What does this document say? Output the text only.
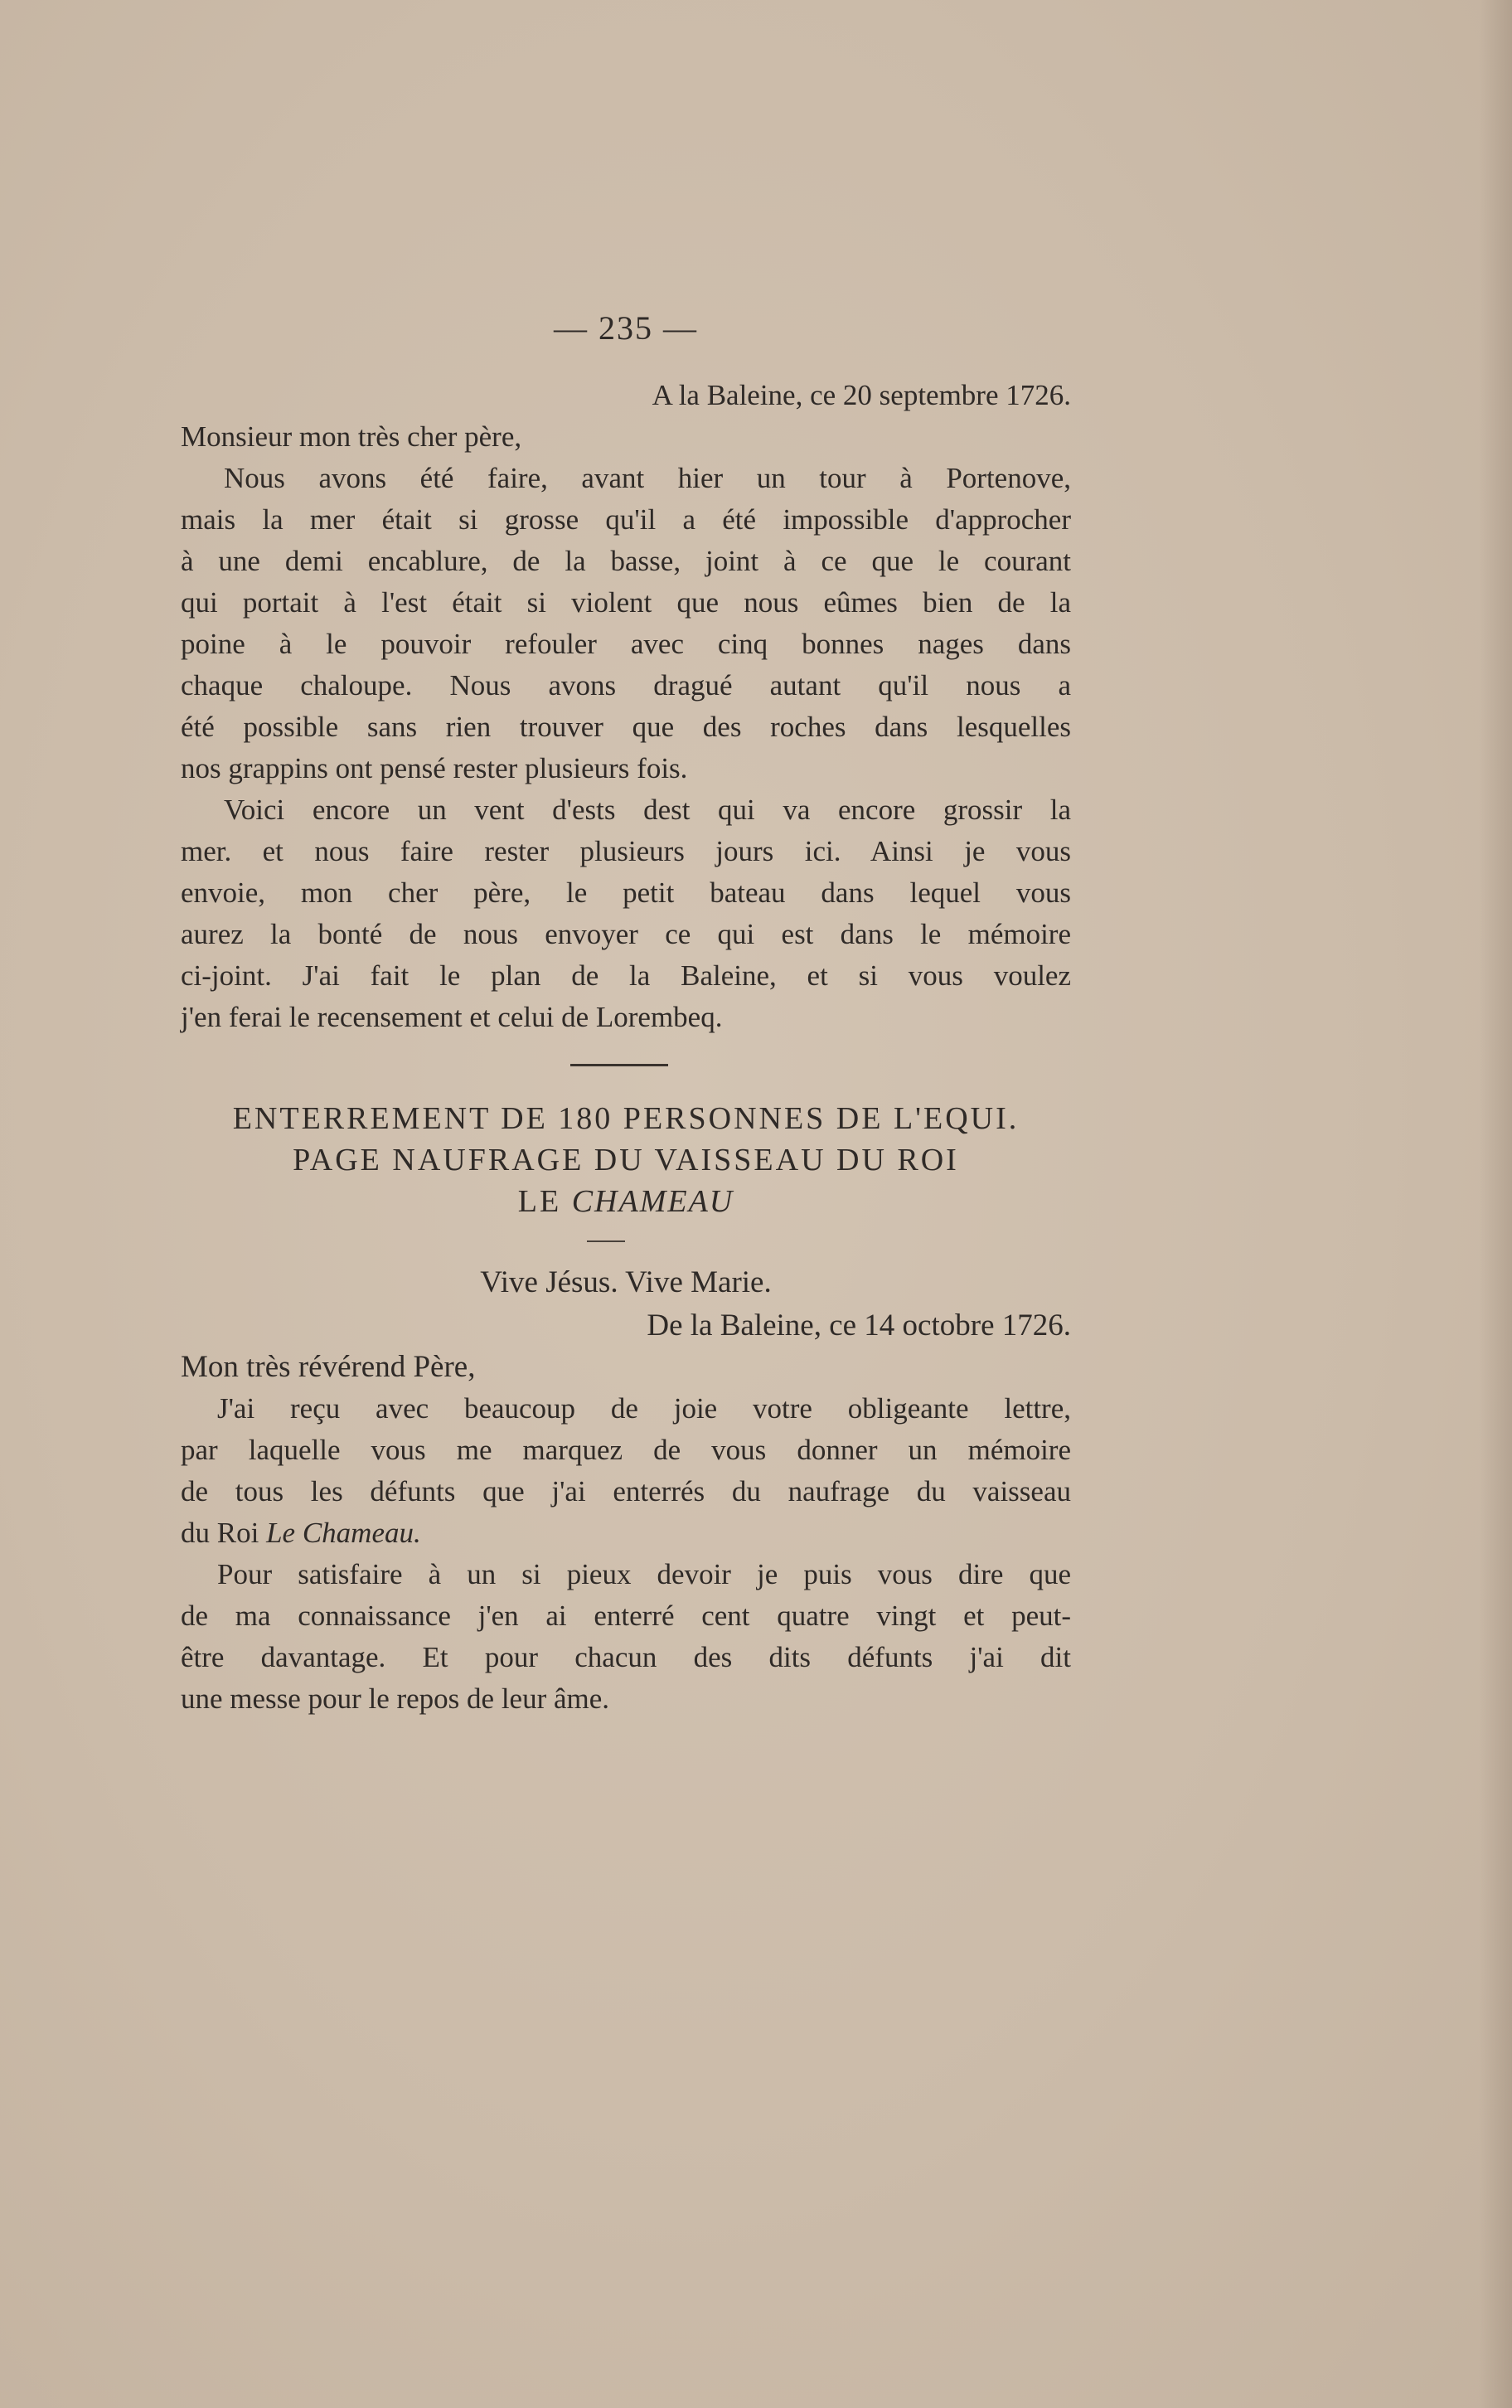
— 235 —
A la Baleine, ce 20 septembre 1726.
Monsieur mon très cher père,
Nous avons été faire, avant hier un tour à Portenove,
mais la mer était si grosse qu'il a été impossible d'approcher
à une demi encablure, de la basse, joint à ce que le courant
qui portait à l'est était si violent que nous eûmes bien de la
poine à le pouvoir refouler avec cinq bonnes nages dans
chaque chaloupe. Nous avons dragué autant qu'il nous a
été possible sans rien trouver que des roches dans lesquelles
nos grappins ont pensé rester plusieurs fois.
Voici encore un vent d'ests dest qui va encore grossir la
mer. et nous faire rester plusieurs jours ici. Ainsi je vous
envoie, mon cher père, le petit bateau dans lequel vous
aurez la bonté de nous envoyer ce qui est dans le mémoire
ci-joint. J'ai fait le plan de la Baleine, et si vous voulez
j'en ferai le recensement et celui de Lorembeq.
ENTERREMENT DE 180 PERSONNES DE L'EQUI.
PAGE NAUFRAGE DU VAISSEAU DU ROI
LE CHAMEAU
Vive Jésus. Vive Marie.
De la Baleine, ce 14 octobre 1726.
Mon très révérend Père,
J'ai reçu avec beaucoup de joie votre obligeante lettre,
par laquelle vous me marquez de vous donner un mémoire
de tous les défunts que j'ai enterrés du naufrage du vaisseau
du Roi Le Chameau.
Pour satisfaire à un si pieux devoir je puis vous dire que
de ma connaissance j'en ai enterré cent quatre vingt et peut-
être davantage. Et pour chacun des dits défunts j'ai dit
une messe pour le repos de leur âme.
